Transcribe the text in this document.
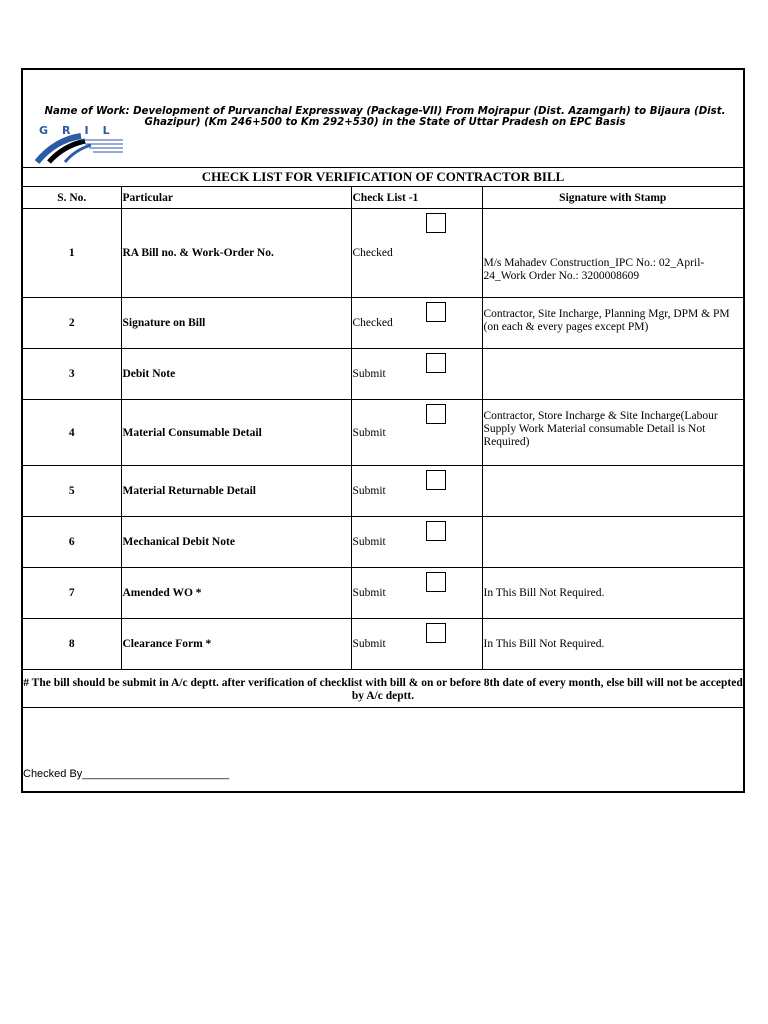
Name of Work: Development of Purvanchal Expressway (Package-VII) From Mojrapur (Dist. Azamgarh) to Bijaura (Dist. Ghazipur) (Km 246+500 to Km 292+530) in the State of Uttar Pradesh on EPC Basis
GRIL
CHECK LIST FOR VERIFICATION OF CONTRACTOR BILL
S. No.	Particular	Check List -1	Signature with Stamp
1	RA Bill no. & Work-Order No.	Checked	M/s Mahadev Construction_IPC No.: 02_April-24_Work Order No.: 3200008609
2	Signature on Bill	Checked	Contractor, Site Incharge, Planning Mgr, DPM & PM (on each & every pages except PM)
3	Debit Note	Submit	
4	Material Consumable Detail	Submit	Contractor, Store Incharge & Site Incharge(Labour Supply Work Material consumable Detail is Not Required)
5	Material Returnable Detail	Submit	
6	Mechanical Debit Note	Submit	
7	Amended WO *	Submit	In This Bill Not Required.
8	Clearance Form *	Submit	In This Bill Not Required.
# The bill should be submit in A/c deptt. after verification of checklist with bill & on or before 8th date of every month, else bill will not be accepted by A/c deptt.
Checked By________________________
